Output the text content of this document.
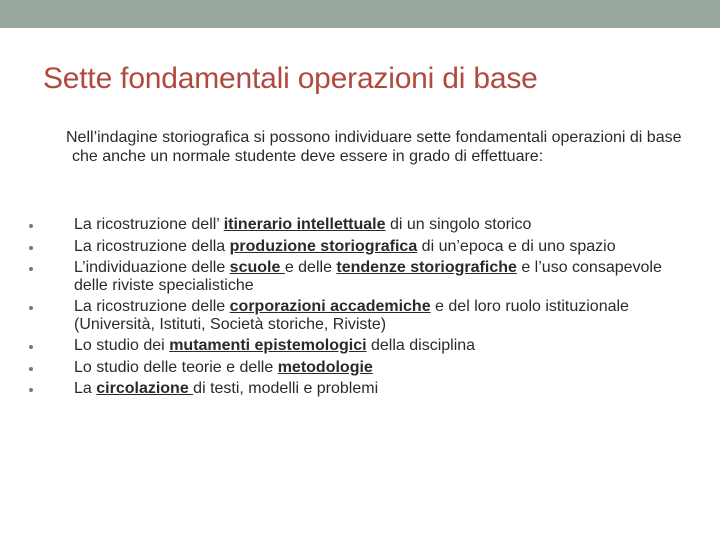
Sette fondamentali operazioni di base

Nell’indagine storiografica si possono individuare sette fondamentali operazioni di base che anche un normale studente deve essere in grado di effettuare:

La ricostruzione dell’ itinerario intellettuale di un singolo storico
La ricostruzione della produzione storiografica di un’epoca e di uno spazio
L’individuazione delle scuole e delle tendenze storiografiche e l’uso consapevole delle riviste specialistiche
La ricostruzione delle corporazioni accademiche e del loro ruolo istituzionale (Università, Istituti, Società storiche, Riviste)
Lo studio dei mutamenti epistemologici della disciplina
Lo studio delle teorie e delle metodologie
La circolazione di testi, modelli e problemi
